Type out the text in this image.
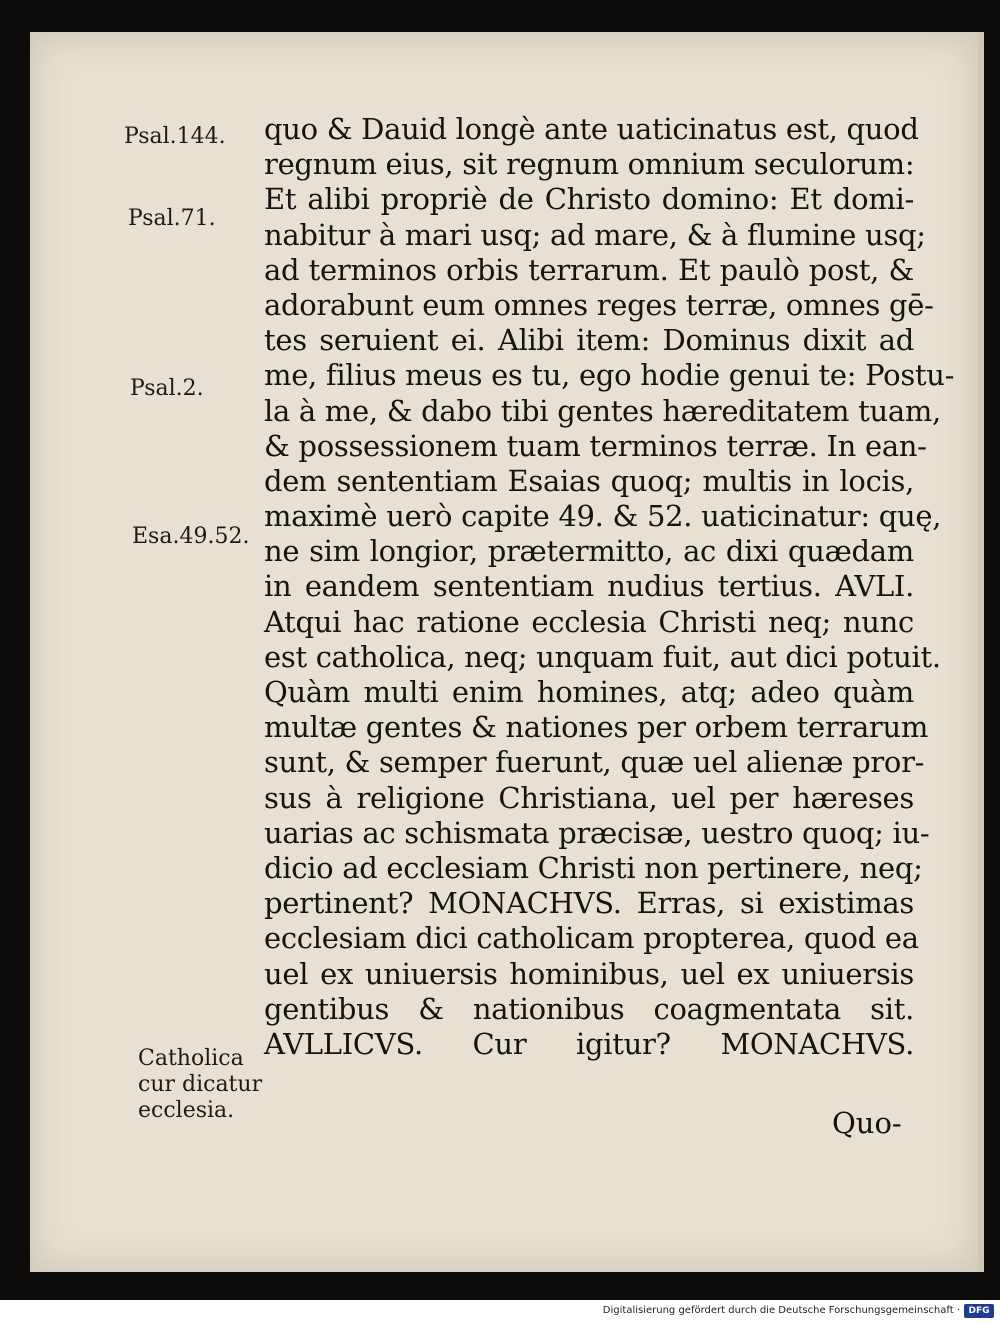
Psal.144.
Psal.71.
Psal.2.
Esa.49.52.
Catholica
cur dicatur
ecclesia.
quo & Dauid longè ante uaticinatus est, quod
regnum eius, sit regnum omnium seculorum:
Et alibi propriè de Christo domino: Et domi-
nabitur à mari usq; ad mare, & à flumine usq;
ad terminos orbis terrarum. Et paulò post, &
adorabunt eum omnes reges terræ, omnes gē-
tes seruient ei. Alibi item: Dominus dixit ad
me, filius meus es tu, ego hodie genui te: Postu-
la à me, & dabo tibi gentes hæreditatem tuam,
& possessionem tuam terminos terræ. In ean-
dem sententiam Esaias quoq; multis in locis,
maximè uerò capite 49. & 52. uaticinatur: quę,
ne sim longior, prætermitto, ac dixi quædam
in eandem sententiam nudius tertius. AVLI.
Atqui hac ratione ecclesia Christi neq; nunc
est catholica, neq; unquam fuit, aut dici potuit.
Quàm multi enim homines, atq; adeo quàm
multæ gentes & nationes per orbem terrarum
sunt, & semper fuerunt, quæ uel alienæ pror-
sus à religione Christiana, uel per hæreses
uarias ac schismata præcisæ, uestro quoq; iu-
dicio ad ecclesiam Christi non pertinere, neq;
pertinent? MONACHVS. Erras, si existimas
ecclesiam dici catholicam propterea, quod ea
uel ex uniuersis hominibus, uel ex uniuersis
gentibus & nationibus coagmentata sit.
AVLLICVS. Cur igitur? MONACHVS.
Quo-
Digitalisierung gefördert durch die Deutsche Forschungsgemeinschaft · DFG
